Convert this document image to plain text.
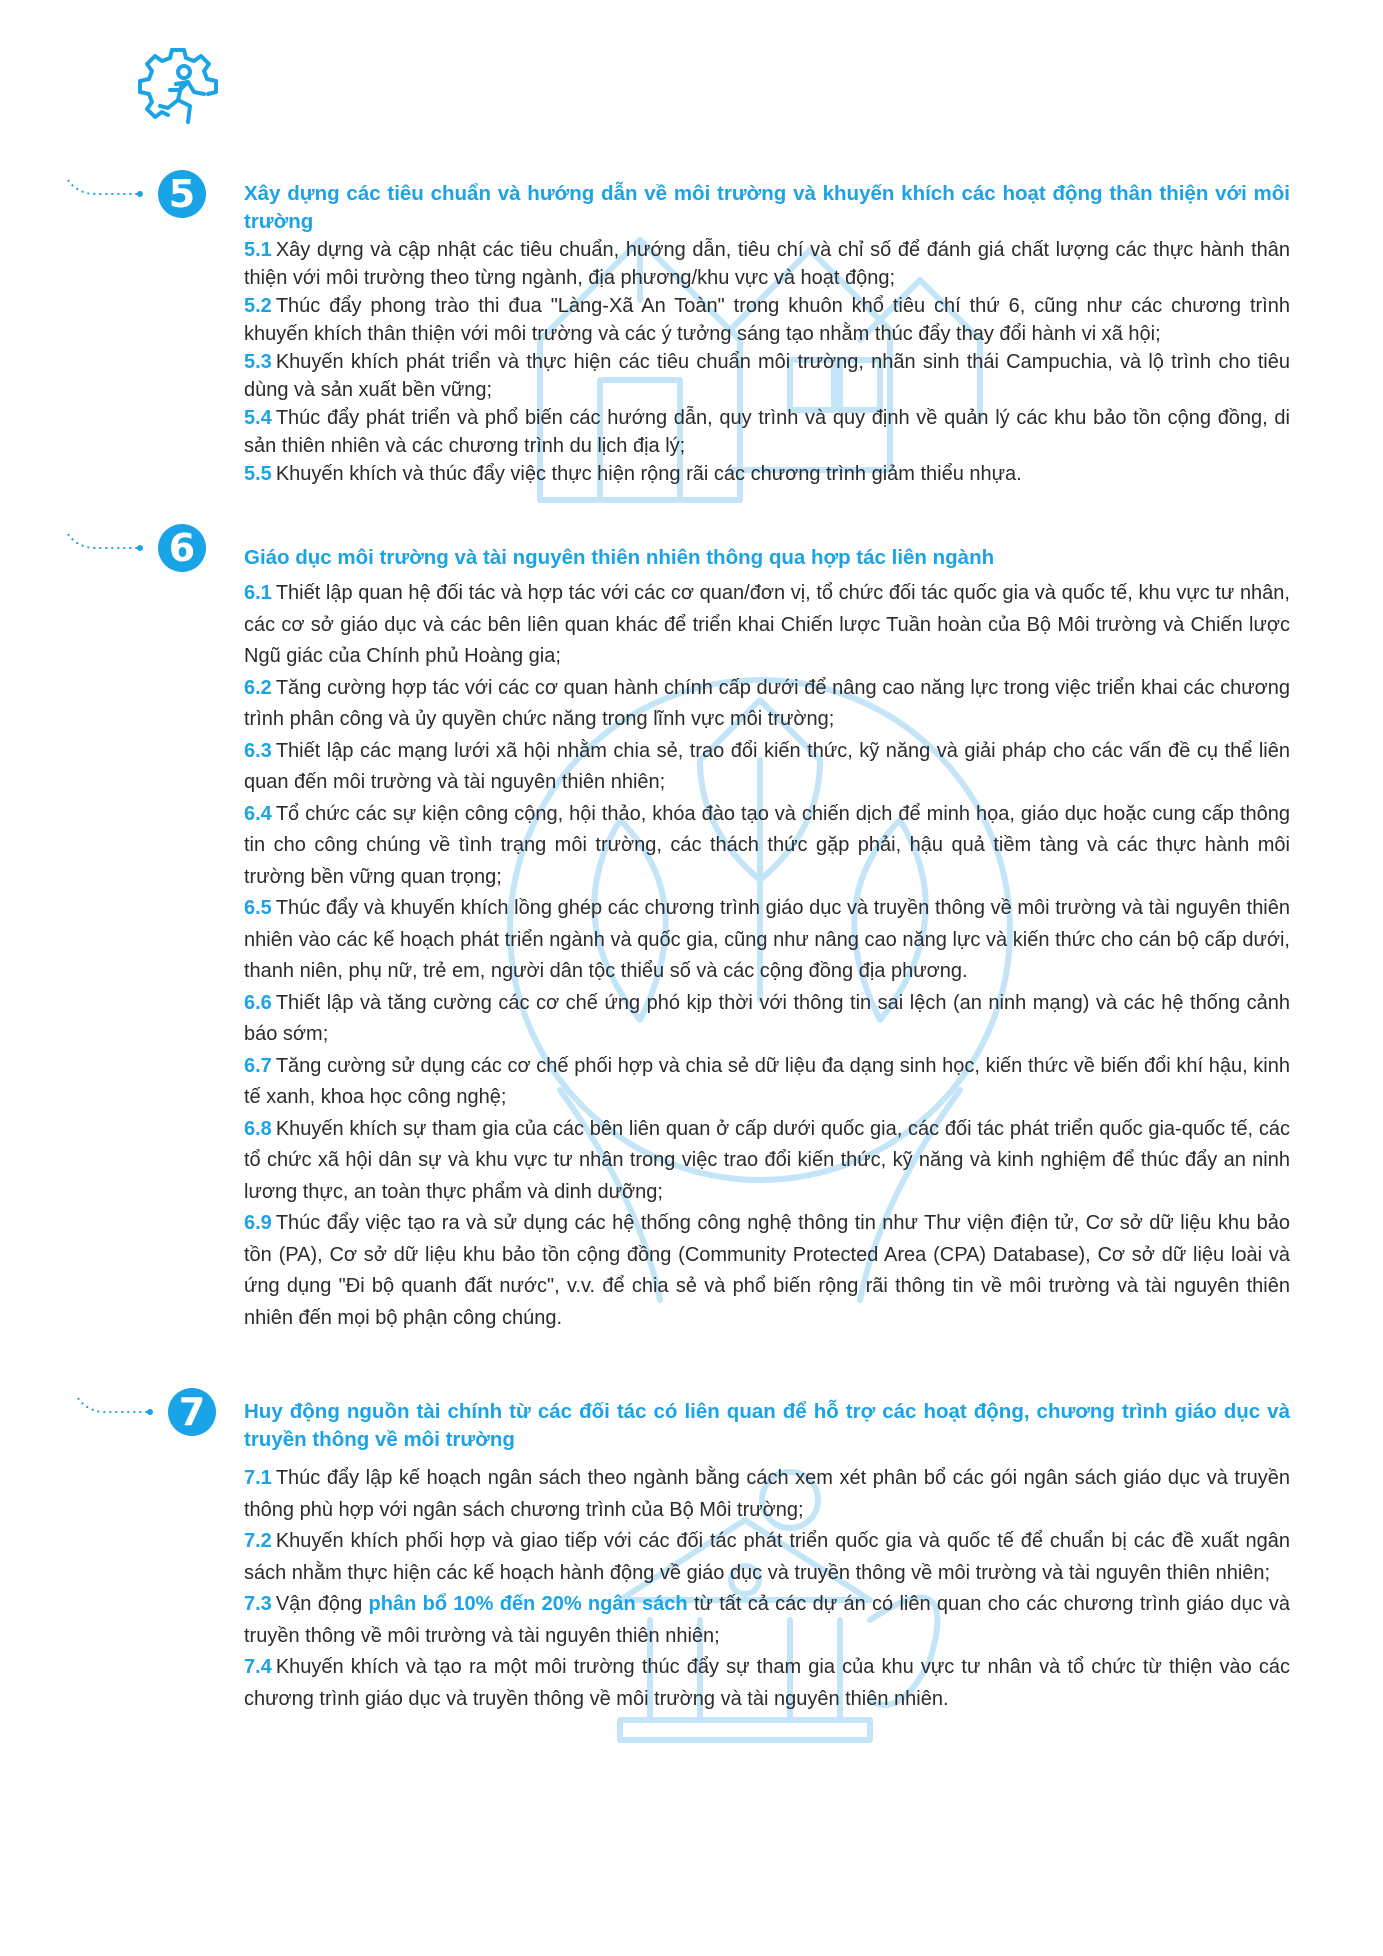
5	Xây dựng các tiêu chuẩn và hướng dẫn về môi trường và khuyến khích các hoạt động thân thiện với môi trường
5.1 Xây dựng và cập nhật các tiêu chuẩn, hướng dẫn, tiêu chí và chỉ số để đánh giá chất lượng các thực hành thân thiện với môi trường theo từng ngành, địa phương/khu vực và hoạt động;
5.2 Thúc đẩy phong trào thi đua "Làng-Xã An Toàn" trong khuôn khổ tiêu chí thứ 6, cũng như các chương trình khuyến khích thân thiện với môi trường và các ý tưởng sáng tạo nhằm thúc đẩy thay đổi hành vi xã hội;
5.3 Khuyến khích phát triển và thực hiện các tiêu chuẩn môi trường, nhãn sinh thái Campuchia, và lộ trình cho tiêu dùng và sản xuất bền vững;
5.4 Thúc đẩy phát triển và phổ biến các hướng dẫn, quy trình và quy định về quản lý các khu bảo tồn cộng đồng, di sản thiên nhiên và các chương trình du lịch địa lý;
5.5 Khuyến khích và thúc đẩy việc thực hiện rộng rãi các chương trình giảm thiểu nhựa.
6	Giáo dục môi trường và tài nguyên thiên nhiên thông qua hợp tác liên ngành
6.1 Thiết lập quan hệ đối tác và hợp tác với các cơ quan/đơn vị, tổ chức đối tác quốc gia và quốc tế, khu vực tư nhân, các cơ sở giáo dục và các bên liên quan khác để triển khai Chiến lược Tuần hoàn của Bộ Môi trường và Chiến lược Ngũ giác của Chính phủ Hoàng gia;
6.2 Tăng cường hợp tác với các cơ quan hành chính cấp dưới để nâng cao năng lực trong việc triển khai các chương trình phân công và ủy quyền chức năng trong lĩnh vực môi trường;
6.3 Thiết lập các mạng lưới xã hội nhằm chia sẻ, trao đổi kiến thức, kỹ năng và giải pháp cho các vấn đề cụ thể liên quan đến môi trường và tài nguyên thiên nhiên;
6.4 Tổ chức các sự kiện công cộng, hội thảo, khóa đào tạo và chiến dịch để minh họa, giáo dục hoặc cung cấp thông tin cho công chúng về tình trạng môi trường, các thách thức gặp phải, hậu quả tiềm tàng và các thực hành môi trường bền vững quan trọng;
6.5 Thúc đẩy và khuyến khích lồng ghép các chương trình giáo dục và truyền thông về môi trường và tài nguyên thiên nhiên vào các kế hoạch phát triển ngành và quốc gia, cũng như nâng cao năng lực và kiến thức cho cán bộ cấp dưới, thanh niên, phụ nữ, trẻ em, người dân tộc thiểu số và các cộng đồng địa phương.
6.6 Thiết lập và tăng cường các cơ chế ứng phó kịp thời với thông tin sai lệch (an ninh mạng) và các hệ thống cảnh báo sớm;
6.7 Tăng cường sử dụng các cơ chế phối hợp và chia sẻ dữ liệu đa dạng sinh học, kiến thức về biến đổi khí hậu, kinh tế xanh, khoa học công nghệ;
6.8 Khuyến khích sự tham gia của các bên liên quan ở cấp dưới quốc gia, các đối tác phát triển quốc gia-quốc tế, các tổ chức xã hội dân sự và khu vực tư nhân trong việc trao đổi kiến thức, kỹ năng và kinh nghiệm để thúc đẩy an ninh lương thực, an toàn thực phẩm và dinh dưỡng;
6.9 Thúc đẩy việc tạo ra và sử dụng các hệ thống công nghệ thông tin như Thư viện điện tử, Cơ sở dữ liệu khu bảo tồn (PA), Cơ sở dữ liệu khu bảo tồn cộng đồng (Community Protected Area (CPA) Database), Cơ sở dữ liệu loài và ứng dụng "Đi bộ quanh đất nước", v.v. để chia sẻ và phổ biến rộng rãi thông tin về môi trường và tài nguyên thiên nhiên đến mọi bộ phận công chúng.
7	Huy động nguồn tài chính từ các đối tác có liên quan để hỗ trợ các hoạt động, chương trình giáo dục và truyền thông về môi trường
7.1 Thúc đẩy lập kế hoạch ngân sách theo ngành bằng cách xem xét phân bổ các gói ngân sách giáo dục và truyền thông phù hợp với ngân sách chương trình của Bộ Môi trường;
7.2 Khuyến khích phối hợp và giao tiếp với các đối tác phát triển quốc gia và quốc tế để chuẩn bị các đề xuất ngân sách nhằm thực hiện các kế hoạch hành động về giáo dục và truyền thông về môi trường và tài nguyên thiên nhiên;
7.3 Vận động phân bổ 10% đến 20% ngân sách từ tất cả các dự án có liên quan cho các chương trình giáo dục và truyền thông về môi trường và tài nguyên thiên nhiên;
7.4 Khuyến khích và tạo ra một môi trường thúc đẩy sự tham gia của khu vực tư nhân và tổ chức từ thiện vào các chương trình giáo dục và truyền thông về môi trường và tài nguyên thiên nhiên.
